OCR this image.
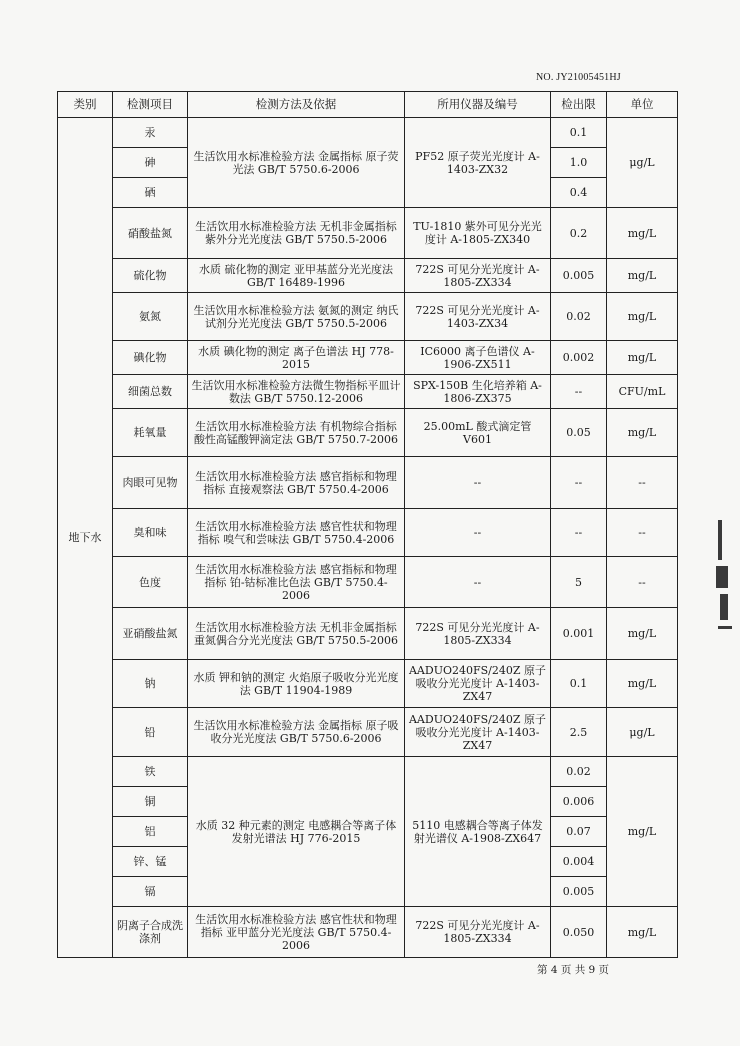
NO. JY21005451HJ
类别	检测项目	检测方法及依据	所用仪器及编号	检出限	单位
地下水	汞	生活饮用水标准检验方法 金属指标 原子荧光法 GB/T 5750.6-2006	PF52 原子荧光光度计 A-1403-ZX32	0.1	μg/L
	砷			1.0	
	硒			0.4	
	硝酸盐氮	生活饮用水标准检验方法 无机非金属指标 紫外分光光度法 GB/T 5750.5-2006	TU-1810 紫外可见分光光度计 A-1805-ZX340	0.2	mg/L
	硫化物	水质 硫化物的测定 亚甲基蓝分光光度法 GB/T 16489-1996	722S 可见分光光度计 A-1805-ZX334	0.005	mg/L
	氨氮	生活饮用水标准检验方法 氨氮的测定 纳氏试剂分光光度法 GB/T 5750.5-2006	722S 可见分光光度计 A-1403-ZX34	0.02	mg/L
	碘化物	水质 碘化物的测定 离子色谱法 HJ 778-2015	IC6000 离子色谱仪 A-1906-ZX511	0.002	mg/L
	细菌总数	生活饮用水标准检验方法微生物指标平皿计数法 GB/T 5750.12-2006	SPX-150B 生化培养箱 A-1806-ZX375	--	CFU/mL
	耗氧量	生活饮用水标准检验方法 有机物综合指标 酸性高锰酸钾滴定法 GB/T 5750.7-2006	25.00mL 酸式滴定管 V601	0.05	mg/L
	肉眼可见物	生活饮用水标准检验方法 感官指标和物理指标 直接观察法 GB/T 5750.4-2006	--	--	--
	臭和味	生活饮用水标准检验方法 感官性状和物理指标 嗅气和尝味法 GB/T 5750.4-2006	--	--	--
	色度	生活饮用水标准检验方法 感官指标和物理指标 铂-钴标准比色法 GB/T 5750.4-2006	--	5	--
	亚硝酸盐氮	生活饮用水标准检验方法 无机非金属指标 重氮偶合分光光度法 GB/T 5750.5-2006	722S 可见分光光度计 A-1805-ZX334	0.001	mg/L
	钠	水质 钾和钠的测定 火焰原子吸收分光光度法 GB/T 11904-1989	AADUO240FS/240Z 原子吸收分光光度计 A-1403-ZX47	0.1	mg/L
	铅	生活饮用水标准检验方法 金属指标 原子吸收分光光度法 GB/T 5750.6-2006	AADUO240FS/240Z 原子吸收分光光度计 A-1403-ZX47	2.5	μg/L
	铁	水质 32 种元素的测定 电感耦合等离子体发射光谱法 HJ 776-2015	5110 电感耦合等离子体发射光谱仪 A-1908-ZX647	0.02	mg/L
	铜			0.006	
	铝			0.07	
	锌、锰			0.004	
	镉			0.005	
	阴离子合成洗涤剂	生活饮用水标准检验方法 感官性状和物理指标 亚甲蓝分光光度法 GB/T 5750.4-2006	722S 可见分光光度计 A-1805-ZX334	0.050	mg/L
第 4 页 共 9 页
